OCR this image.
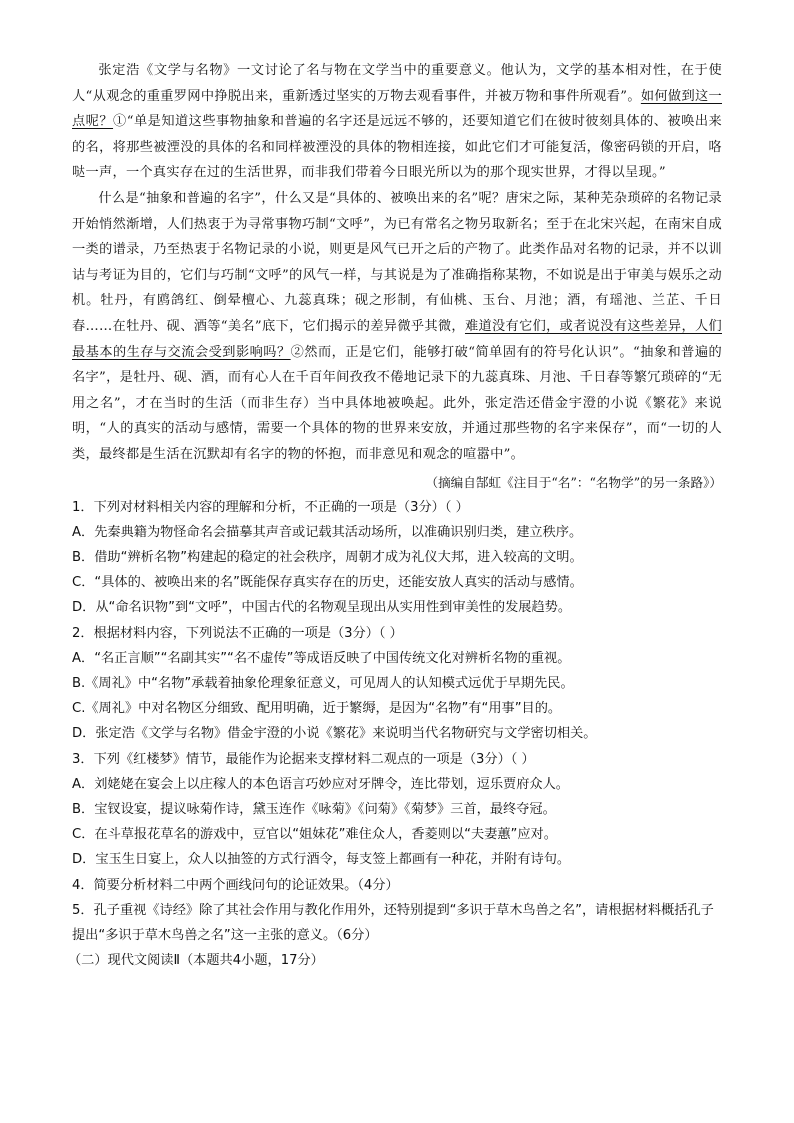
张定浩《文学与名物》一文讨论了名与物在文学当中的重要意义。他认为，文学的基本相对性，在于使人“从观念的重重罗网中挣脱出来，重新透过坚实的万物去观看事件，并被万物和事件所观看”。如何做到这一点呢？①“单是知道这些事物抽象和普遍的名字还是远远不够的，还要知道它们在彼时彼刻具体的、被唤出来的名，将那些被湮没的具体的名和同样被湮没的具体的物相连接，如此它们才可能复活，像密码锁的开启，咯哒一声，一个真实存在过的生活世界，而非我们带着今日眼光所以为的那个现实世界，才得以呈现。”

什么是“抽象和普遍的名字”，什么又是“具体的、被唤出来的名”呢？唐宋之际，某种芜杂琐碎的名物记录开始悄然渐增，人们热衷于为寻常事物巧制“文呼”，为已有常名之物另取新名；至于在北宋兴起，在南宋自成一类的谱录，乃至热衷于名物记录的小说，则更是风气已开之后的产物了。此类作品对名物的记录，并不以训诂与考证为目的，它们与巧制“文呼”的风气一样，与其说是为了准确指称某物，不如说是出于审美与娱乐之动机。牡丹，有鸥鸽红、倒晕檀心、九蕊真珠；砚之形制，有仙桃、玉台、月池；酒，有瑶池、兰芷、千日春……在牡丹、砚、酒等“美名”底下，它们揭示的差异微乎其微，难道没有它们，或者说没有这些差异，人们最基本的生存与交流会受到影响吗？②然而，正是它们，能够打破“简单固有的符号化认识”。“抽象和普遍的名字”，是牡丹、砚、酒，而有心人在千百年间孜孜不倦地记录下的九蕊真珠、月池、千日春等繁冗琐碎的“无用之名”，才在当时的生活（而非生存）当中具体地被唤起。此外，张定浩还借金宇澄的小说《繁花》来说明，“人的真实的活动与感情，需要一个具体的物的世界来安放，并通过那些物的名字来保存”，而“一切的人类，最终都是生活在沉默却有名字的物的怀抱，而非意见和观念的喧嚣中”。

（摘编自郜虹《注目于“名”：“名物学”的另一条路》）

1．下列对材料相关内容的理解和分析，不正确的一项是（3分）（ ）

A．先秦典籍为物怪命名会描摹其声音或记载其活动场所，以准确识别归类，建立秩序。

B．借助“辨析名物”构建起的稳定的社会秩序，周朝才成为礼仪大邦，进入较高的文明。

C．“具体的、被唤出来的名”既能保存真实存在的历史，还能安放人真实的活动与感情。

D．从“命名识物”到“文呼”，中国古代的名物观呈现出从实用性到审美性的发展趋势。

2．根据材料内容，下列说法不正确的一项是（3分）（ ）

A．“名正言顺”“名副其实”“名不虚传”等成语反映了中国传统文化对辨析名物的重视。

B.《周礼》中“名物”承载着抽象伦理象征意义，可见周人的认知模式远优于早期先民。

C.《周礼》中对名物区分细致、配用明确，近于繁缛，是因为“名物”有“用事”目的。

D．张定浩《文学与名物》借金宇澄的小说《繁花》来说明当代名物研究与文学密切相关。

3．下列《红楼梦》情节，最能作为论据来支撑材料二观点的一项是（3分）（ ）

A．刘姥姥在宴会上以庄稼人的本色语言巧妙应对牙牌令，连比带划，逗乐贾府众人。

B．宝钗设宴，提议咏菊作诗，黛玉连作《咏菊》《问菊》《菊梦》三首，最终夺冠。

C．在斗草报花草名的游戏中，豆官以“姐妹花”难住众人，香菱则以“夫妻蕙”应对。

D．宝玉生日宴上，众人以抽签的方式行酒令，每支签上都画有一种花，并附有诗句。

4．简要分析材料二中两个画线问句的论证效果。（4分）

5．孔子重视《诗经》除了其社会作用与教化作用外，还特别提到“多识于草木鸟兽之名”，请根据材料概括孔子提出“多识于草木鸟兽之名”这一主张的意义。（6分）

（二）现代文阅读Ⅱ（本题共4小题，17分）
